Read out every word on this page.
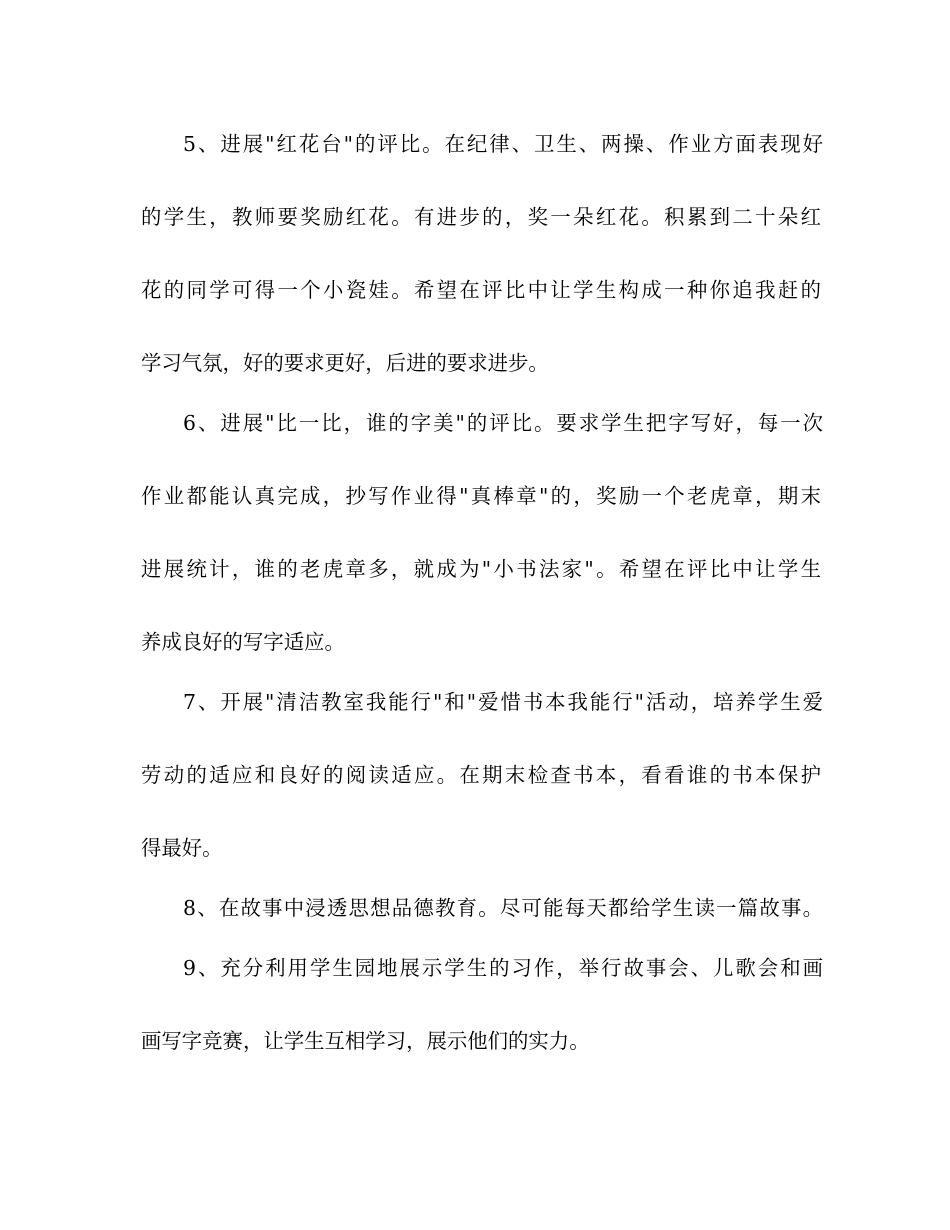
5、进展"红花台"的评比。在纪律、卫生、两操、作业方面表现好
的学生，教师要奖励红花。有进步的，奖一朵红花。积累到二十朵红
花的同学可得一个小瓷娃。希望在评比中让学生构成一种你追我赶的
学习气氛，好的要求更好，后进的要求进步。
6、进展"比一比，谁的字美"的评比。要求学生把字写好，每一次
作业都能认真完成，抄写作业得"真棒章"的，奖励一个老虎章，期末
进展统计，谁的老虎章多，就成为"小书法家"。希望在评比中让学生
养成良好的写字适应。
7、开展"清洁教室我能行"和"爱惜书本我能行"活动，培养学生爱
劳动的适应和良好的阅读适应。在期末检查书本，看看谁的书本保护
得最好。
8、在故事中浸透思想品德教育。尽可能每天都给学生读一篇故事。
9、充分利用学生园地展示学生的习作，举行故事会、儿歌会和画
画写字竞赛，让学生互相学习，展示他们的实力。
